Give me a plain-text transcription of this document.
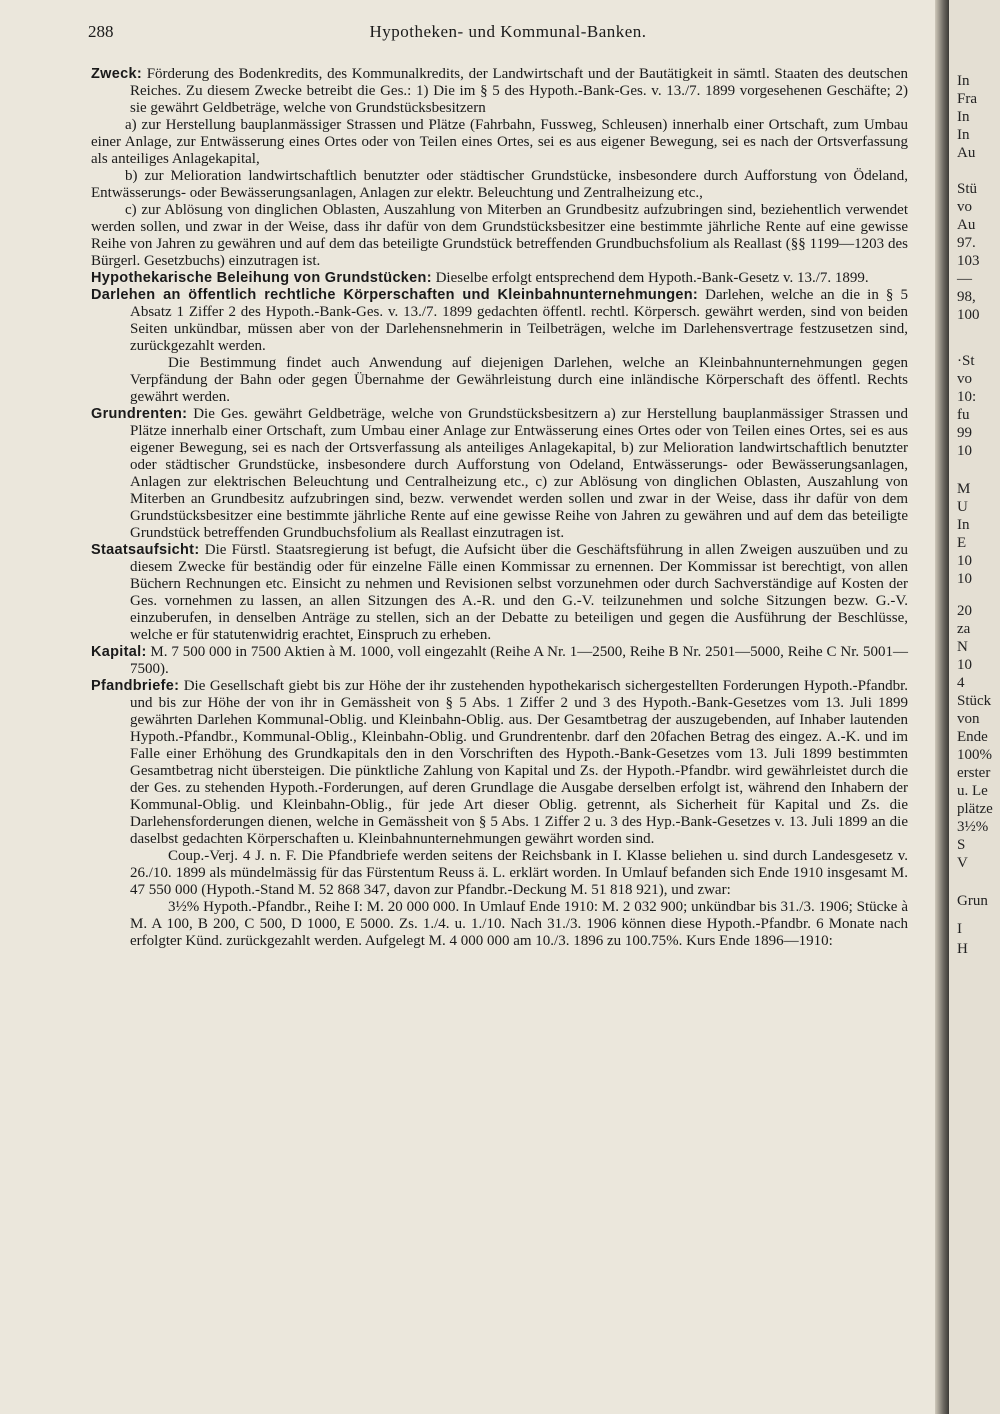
288	Hypotheken- und Kommunal-Banken.

Zweck: Förderung des Bodenkredits, des Kommunalkredits, der Landwirtschaft und der Bautätigkeit in sämtl. Staaten des deutschen Reiches. Zu diesem Zwecke betreibt die Ges.: 1) Die im § 5 des Hypoth.-Bank-Ges. v. 13./7. 1899 vorgesehenen Geschäfte; 2) sie gewährt Geldbeträge, welche von Grundstücksbesitzern

a) zur Herstellung bauplanmässiger Strassen und Plätze (Fahrbahn, Fussweg, Schleusen) innerhalb einer Ortschaft, zum Umbau einer Anlage, zur Entwässerung eines Ortes oder von Teilen eines Ortes, sei es aus eigener Bewegung, sei es nach der Ortsverfassung als anteiliges Anlagekapital,

b) zur Melioration landwirtschaftlich benutzter oder städtischer Grundstücke, insbesondere durch Aufforstung von Ödeland, Entwässerungs- oder Bewässerungsanlagen, Anlagen zur elektr. Beleuchtung und Zentralheizung etc.,

c) zur Ablösung von dinglichen Oblasten, Auszahlung von Miterben an Grundbesitz aufzubringen sind, beziehentlich verwendet werden sollen, und zwar in der Weise, dass ihr dafür von dem Grundstücksbesitzer eine bestimmte jährliche Rente auf eine gewisse Reihe von Jahren zu gewähren und auf dem das beteiligte Grundstück betreffenden Grundbuchsfolium als Reallast (§§ 1199—1203 des Bürgerl. Gesetzbuchs) einzutragen ist.

Hypothekarische Beleihung von Grundstücken: Dieselbe erfolgt entsprechend dem Hypoth.-Bank-Gesetz v. 13./7. 1899.

Darlehen an öffentlich rechtliche Körperschaften und Kleinbahnunternehmungen: Darlehen, welche an die in § 5 Absatz 1 Ziffer 2 des Hypoth.-Bank-Ges. v. 13./7. 1899 gedachten öffentl. rechtl. Körpersch. gewährt werden, sind von beiden Seiten unkündbar, müssen aber von der Darlehensnehmerin in Teilbeträgen, welche im Darlehensvertrage festzusetzen sind, zurückgezahlt werden.

Die Bestimmung findet auch Anwendung auf diejenigen Darlehen, welche an Kleinbahnunternehmungen gegen Verpfändung der Bahn oder gegen Übernahme der Gewährleistung durch eine inländische Körperschaft des öffentl. Rechts gewährt werden.

Grundrenten: Die Ges. gewährt Geldbeträge, welche von Grundstücksbesitzern a) zur Herstellung bauplanmässiger Strassen und Plätze innerhalb einer Ortschaft, zum Umbau einer Anlage zur Entwässerung eines Ortes oder von Teilen eines Ortes, sei es aus eigener Bewegung, sei es nach der Ortsverfassung als anteiliges Anlagekapital, b) zur Melioration landwirtschaftlich benutzter oder städtischer Grundstücke, insbesondere durch Aufforstung von Odeland, Entwässerungs- oder Bewässerungsanlagen, Anlagen zur elektrischen Beleuchtung und Centralheizung etc., c) zur Ablösung von dinglichen Oblasten, Auszahlung von Miterben an Grundbesitz aufzubringen sind, bezw. verwendet werden sollen und zwar in der Weise, dass ihr dafür von dem Grundstücksbesitzer eine bestimmte jährliche Rente auf eine gewisse Reihe von Jahren zu gewähren und auf dem das beteiligte Grundstück betreffenden Grundbuchsfolium als Reallast einzutragen ist.

Staatsaufsicht: Die Fürstl. Staatsregierung ist befugt, die Aufsicht über die Geschäftsführung in allen Zweigen auszuüben und zu diesem Zwecke für beständig oder für einzelne Fälle einen Kommissar zu ernennen. Der Kommissar ist berechtigt, von allen Büchern Rechnungen etc. Einsicht zu nehmen und Revisionen selbst vorzunehmen oder durch Sachverständige auf Kosten der Ges. vornehmen zu lassen, an allen Sitzungen des A.-R. und den G.-V. teilzunehmen und solche Sitzungen bezw. G.-V. einzuberufen, in denselben Anträge zu stellen, sich an der Debatte zu beteiligen und gegen die Ausführung der Beschlüsse, welche er für statutenwidrig erachtet, Einspruch zu erheben.

Kapital: M. 7 500 000 in 7500 Aktien à M. 1000, voll eingezahlt (Reihe A Nr. 1—2500, Reihe B Nr. 2501—5000, Reihe C Nr. 5001—7500).

Pfandbriefe: Die Gesellschaft giebt bis zur Höhe der ihr zustehenden hypothekarisch sichergestellten Forderungen Hypoth.-Pfandbr. und bis zur Höhe der von ihr in Gemässheit von § 5 Abs. 1 Ziffer 2 und 3 des Hypoth.-Bank-Gesetzes vom 13. Juli 1899 gewährten Darlehen Kommunal-Oblig. und Kleinbahn-Oblig. aus. Der Gesamtbetrag der auszugebenden, auf Inhaber lautenden Hypoth.-Pfandbr., Kommunal-Oblig., Kleinbahn-Oblig. und Grundrentenbr. darf den 20fachen Betrag des eingez. A.-K. und im Falle einer Erhöhung des Grundkapitals den in den Vorschriften des Hypoth.-Bank-Gesetzes vom 13. Juli 1899 bestimmten Gesamtbetrag nicht übersteigen. Die pünktliche Zahlung von Kapital und Zs. der Hypoth.-Pfandbr. wird gewährleistet durch die der Ges. zu stehenden Hypoth.-Forderungen, auf deren Grundlage die Ausgabe derselben erfolgt ist, während den Inhabern der Kommunal-Oblig. und Kleinbahn-Oblig., für jede Art dieser Oblig. getrennt, als Sicherheit für Kapital und Zs. die Darlehensforderungen dienen, welche in Gemässheit von § 5 Abs. 1 Ziffer 2 u. 3 des Hyp.-Bank-Gesetzes v. 13. Juli 1899 an die daselbst gedachten Körperschaften u. Kleinbahnunternehmungen gewährt worden sind.

Coup.-Verj. 4 J. n. F. Die Pfandbriefe werden seitens der Reichsbank in I. Klasse beliehen u. sind durch Landesgesetz v. 26./10. 1899 als mündelmässig für das Fürstentum Reuss ä. L. erklärt worden. In Umlauf befanden sich Ende 1910 insgesamt M. 47 550 000 (Hypoth.-Stand M. 52 868 347, davon zur Pfandbr.-Deckung M. 51 818 921), und zwar:

3½% Hypoth.-Pfandbr., Reihe I: M. 20 000 000. In Umlauf Ende 1910: M. 2 032 900; unkündbar bis 31./3. 1906; Stücke à M. A 100, B 200, C 500, D 1000, E 5000. Zs. 1./4. u. 1./10. Nach 31./3. 1906 können diese Hypoth.-Pfandbr. 6 Monate nach erfolgter Künd. zurückgezahlt werden. Aufgelegt M. 4 000 000 am 10./3. 1896 zu 100.75%. Kurs Ende 1896—1910:

In
Fra
In
In
Au
Stü
vo
Au
97.
103
—
98,
100
·St
vo
10:
fu
99
10
M
U
In
E
10
10
20
za
N
10
4
Stück
von
Ende
100%
erster
u. Le
plätze
3½%
S
V
Grun
I
H
